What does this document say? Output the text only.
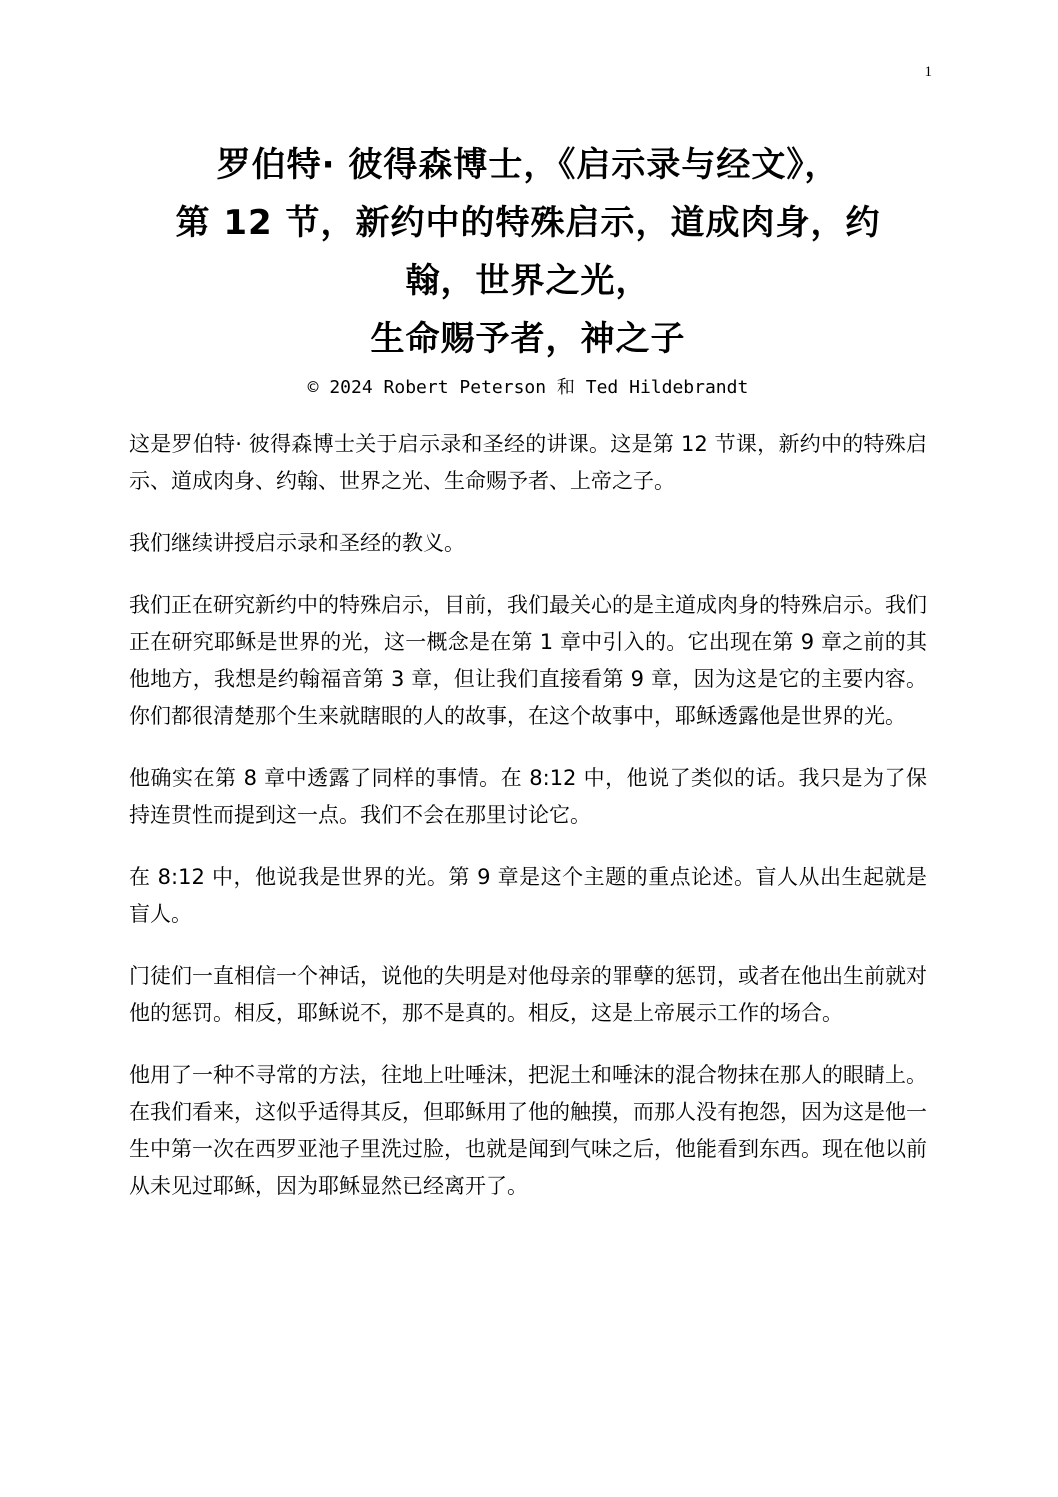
1
罗伯特· 彼得森博士，《启示录与经文》，
第 12 节，新约中的特殊启示，道成肉身，约
翰，世界之光，
生命赐予者，神之子
© 2024 Robert Peterson 和 Ted Hildebrandt

这是罗伯特· 彼得森博士关于启示录和圣经的讲课。这是第 12 节课，新约中的特殊启示、道成肉身、约翰、世界之光、生命赐予者、上帝之子。

我们继续讲授启示录和圣经的教义。

我们正在研究新约中的特殊启示，目前，我们最关心的是主道成肉身的特殊启示。我们正在研究耶稣是世界的光，这一概念是在第 1 章中引入的。它出现在第 9 章之前的其他地方，我想是约翰福音第 3 章，但让我们直接看第 9 章，因为这是它的主要内容。你们都很清楚那个生来就瞎眼的人的故事，在这个故事中，耶稣透露他是世界的光。

他确实在第 8 章中透露了同样的事情。在 8:12 中，他说了类似的话。我只是为了保持连贯性而提到这一点。我们不会在那里讨论它。

在 8:12 中，他说我是世界的光。第 9 章是这个主题的重点论述。盲人从出生起就是盲人。

门徒们一直相信一个神话，说他的失明是对他母亲的罪孽的惩罚，或者在他出生前就对他的惩罚。相反，耶稣说不，那不是真的。相反，这是上帝展示工作的场合。

他用了一种不寻常的方法，往地上吐唾沫，把泥土和唾沫的混合物抹在那人的眼睛上。在我们看来，这似乎适得其反，但耶稣用了他的触摸，而那人没有抱怨，因为这是他一生中第一次在西罗亚池子里洗过脸，也就是闻到气味之后，他能看到东西。现在他以前从未见过耶稣，因为耶稣显然已经离开了。
